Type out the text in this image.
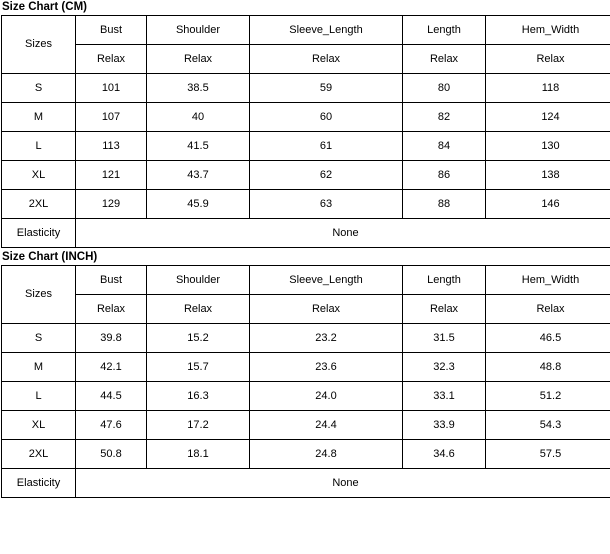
Size Chart (CM)
Sizes	Bust	Shoulder	Sleeve_Length	Length	Hem_Width
	Relax	Relax	Relax	Relax	Relax
S	101	38.5	59	80	118
M	107	40	60	82	124
L	113	41.5	61	84	130
XL	121	43.7	62	86	138
2XL	129	45.9	63	88	146
Elasticity	None				
Size Chart (INCH)
Sizes	Bust	Shoulder	Sleeve_Length	Length	Hem_Width
	Relax	Relax	Relax	Relax	Relax
S	39.8	15.2	23.2	31.5	46.5
M	42.1	15.7	23.6	32.3	48.8
L	44.5	16.3	24.0	33.1	51.2
XL	47.6	17.2	24.4	33.9	54.3
2XL	50.8	18.1	24.8	34.6	57.5
Elasticity	None				
